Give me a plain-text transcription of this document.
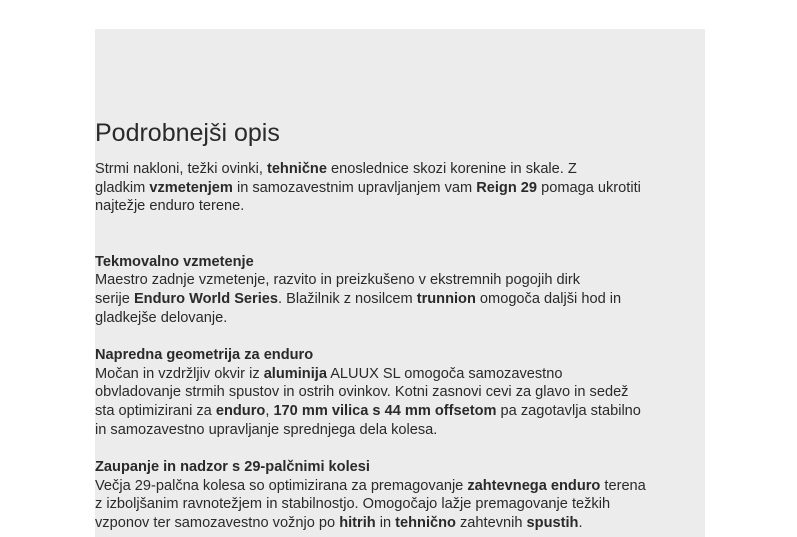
Podrobnejši opis

Strmi nakloni, težki ovinki, tehnične enoslednice skozi korenine in skale. Z
gladkim vzmetenjem in samozavestnim upravljanjem vam Reign 29 pomaga ukrotiti
najtežje enduro terene.

Tekmovalno vzmetenje

Maestro zadnje vzmetenje, razvito in preizkušeno v ekstremnih pogojih dirk
serije Enduro World Series. Blažilnik z nosilcem trunnion omogoča daljši hod in
gladkejše delovanje.

Napredna geometrija za enduro

Močan in vzdržljiv okvir iz aluminija ALUUX SL omogoča samozavestno
obvladovanje strmih spustov in ostrih ovinkov. Kotni zasnovi cevi za glavo in sedež
sta optimizirani za enduro, 170 mm vilica s 44 mm offsetom pa zagotavlja stabilno
in samozavestno upravljanje sprednjega dela kolesa.

Zaupanje in nadzor s 29-palčnimi kolesi

Večja 29-palčna kolesa so optimizirana za premagovanje zahtevnega enduro terena
z izboljšanim ravnotežjem in stabilnostjo. Omogočajo lažje premagovanje težkih
vzponov ter samozavestno vožnjo po hitrih in tehnično zahtevnih spustih.
